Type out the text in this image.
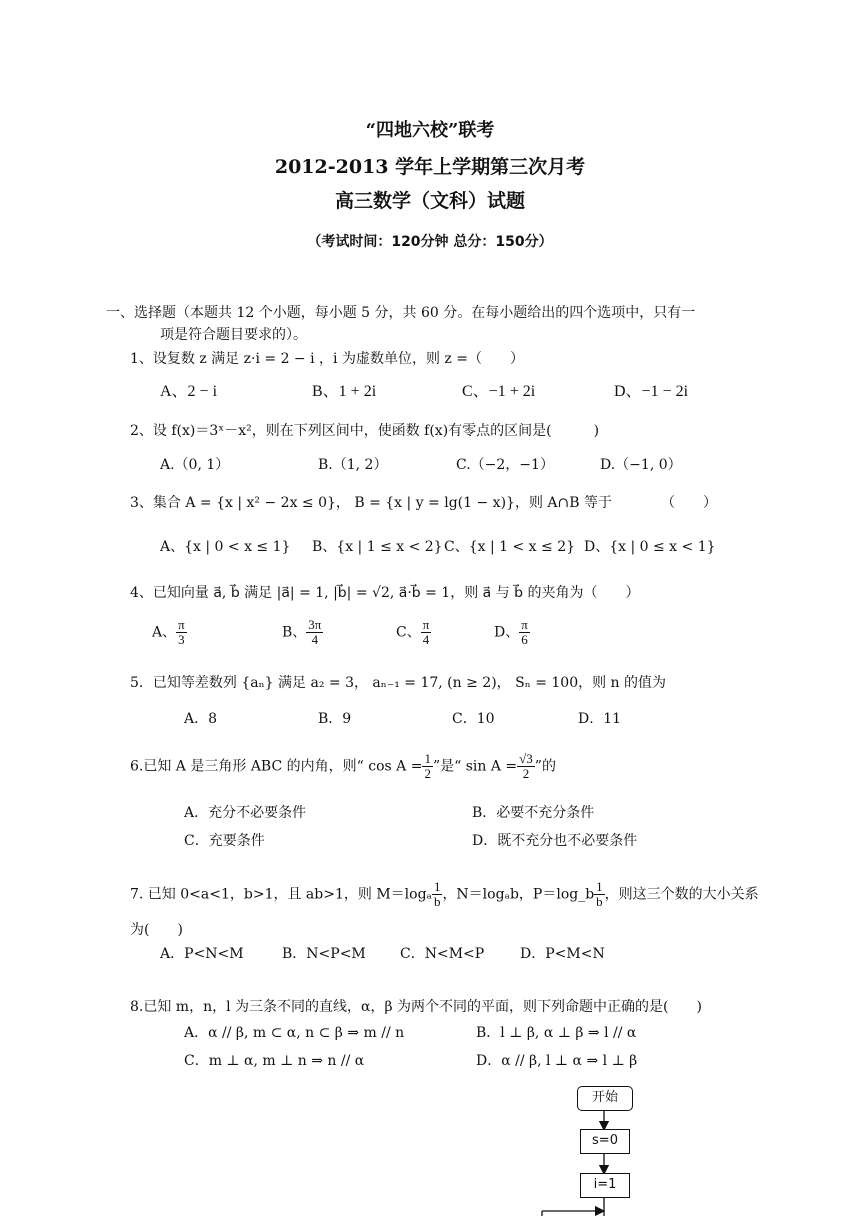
“四地六校”联考
2012-2013 学年上学期第三次月考
高三数学（文科）试题
（考试时间：120分钟 总分：150分）
一、选择题（本题共 12 个小题，每小题 5 分，共 60 分。在每小题给出的四个选项中，只有一
项是符合题目要求的）。
1、设复数 z 满足 z·i = 2 − i ，i 为虚数单位，则 z =（　　）
A、2 − i	B、1 + 2i	C、−1 + 2i	D、−1 − 2i
2、设 f(x)＝3ˣ－x²，则在下列区间中，使函数 f(x)有零点的区间是(　　　)
A.（0, 1）	B.（1, 2）	C.（−2，−1）	D.（−1, 0）
3、集合 A = {x | x² − 2x ≤ 0}， B = {x | y = lg(1 − x)}，则 A∩B 等于　　　　（　　）
A、{x | 0 < x ≤ 1} B、{x | 1 ≤ x < 2} C、{x | 1 < x ≤ 2} D、{x | 0 ≤ x < 1}
4、已知向量 a⃗, b⃗ 满足 |a⃗| = 1, |b⃗| = √2, a⃗·b⃗ = 1，则 a⃗ 与 b⃗ 的夹角为（　　）
A、 $\frac{\pi}{3}$	B、 $\frac{3\pi}{4}$	C、 $\frac{\pi}{4}$	D、 $\frac{\pi}{6}$
5．已知等差数列 {aₙ} 满足 a₂ = 3， aₙ₋₁ = 17, (n ≥ 2)， Sₙ = 100，则 n 的值为
A．8	B．9	C．10	D．11
6.已知 A 是三角形 ABC 的内角，则“ $\cos A = \frac{1}{2}$ ”是“ $\sin A = \frac{√3}{2}$ ”的
A．充分不必要条件	B．必要不充分条件
C．充要条件	D．既不充分也不必要条件
7. 已知 0<a<1，b>1，且 ab>1，则 $M=\log_a \frac{1}{b}$ ，N＝logₐb，P＝log_b $\frac{1}{b}$ ，则这三个数的大小关系
为(　　)
A．P<N<M	B．N<P<M C．N<M<P	D．P<M<N
8.已知 m，n，l 为三条不同的直线，α，β 为两个不同的平面，则下列命题中正确的是(　　)
A．α // β, m ⊂ α, n ⊂ β ⇒ m // n	B．l ⊥ β, α ⊥ β ⇒ l // α
C．m ⊥ α, m ⊥ n ⇒ n // α	D．α // β, l ⊥ α ⇒ l ⊥ β
开始
s=0
i=1
